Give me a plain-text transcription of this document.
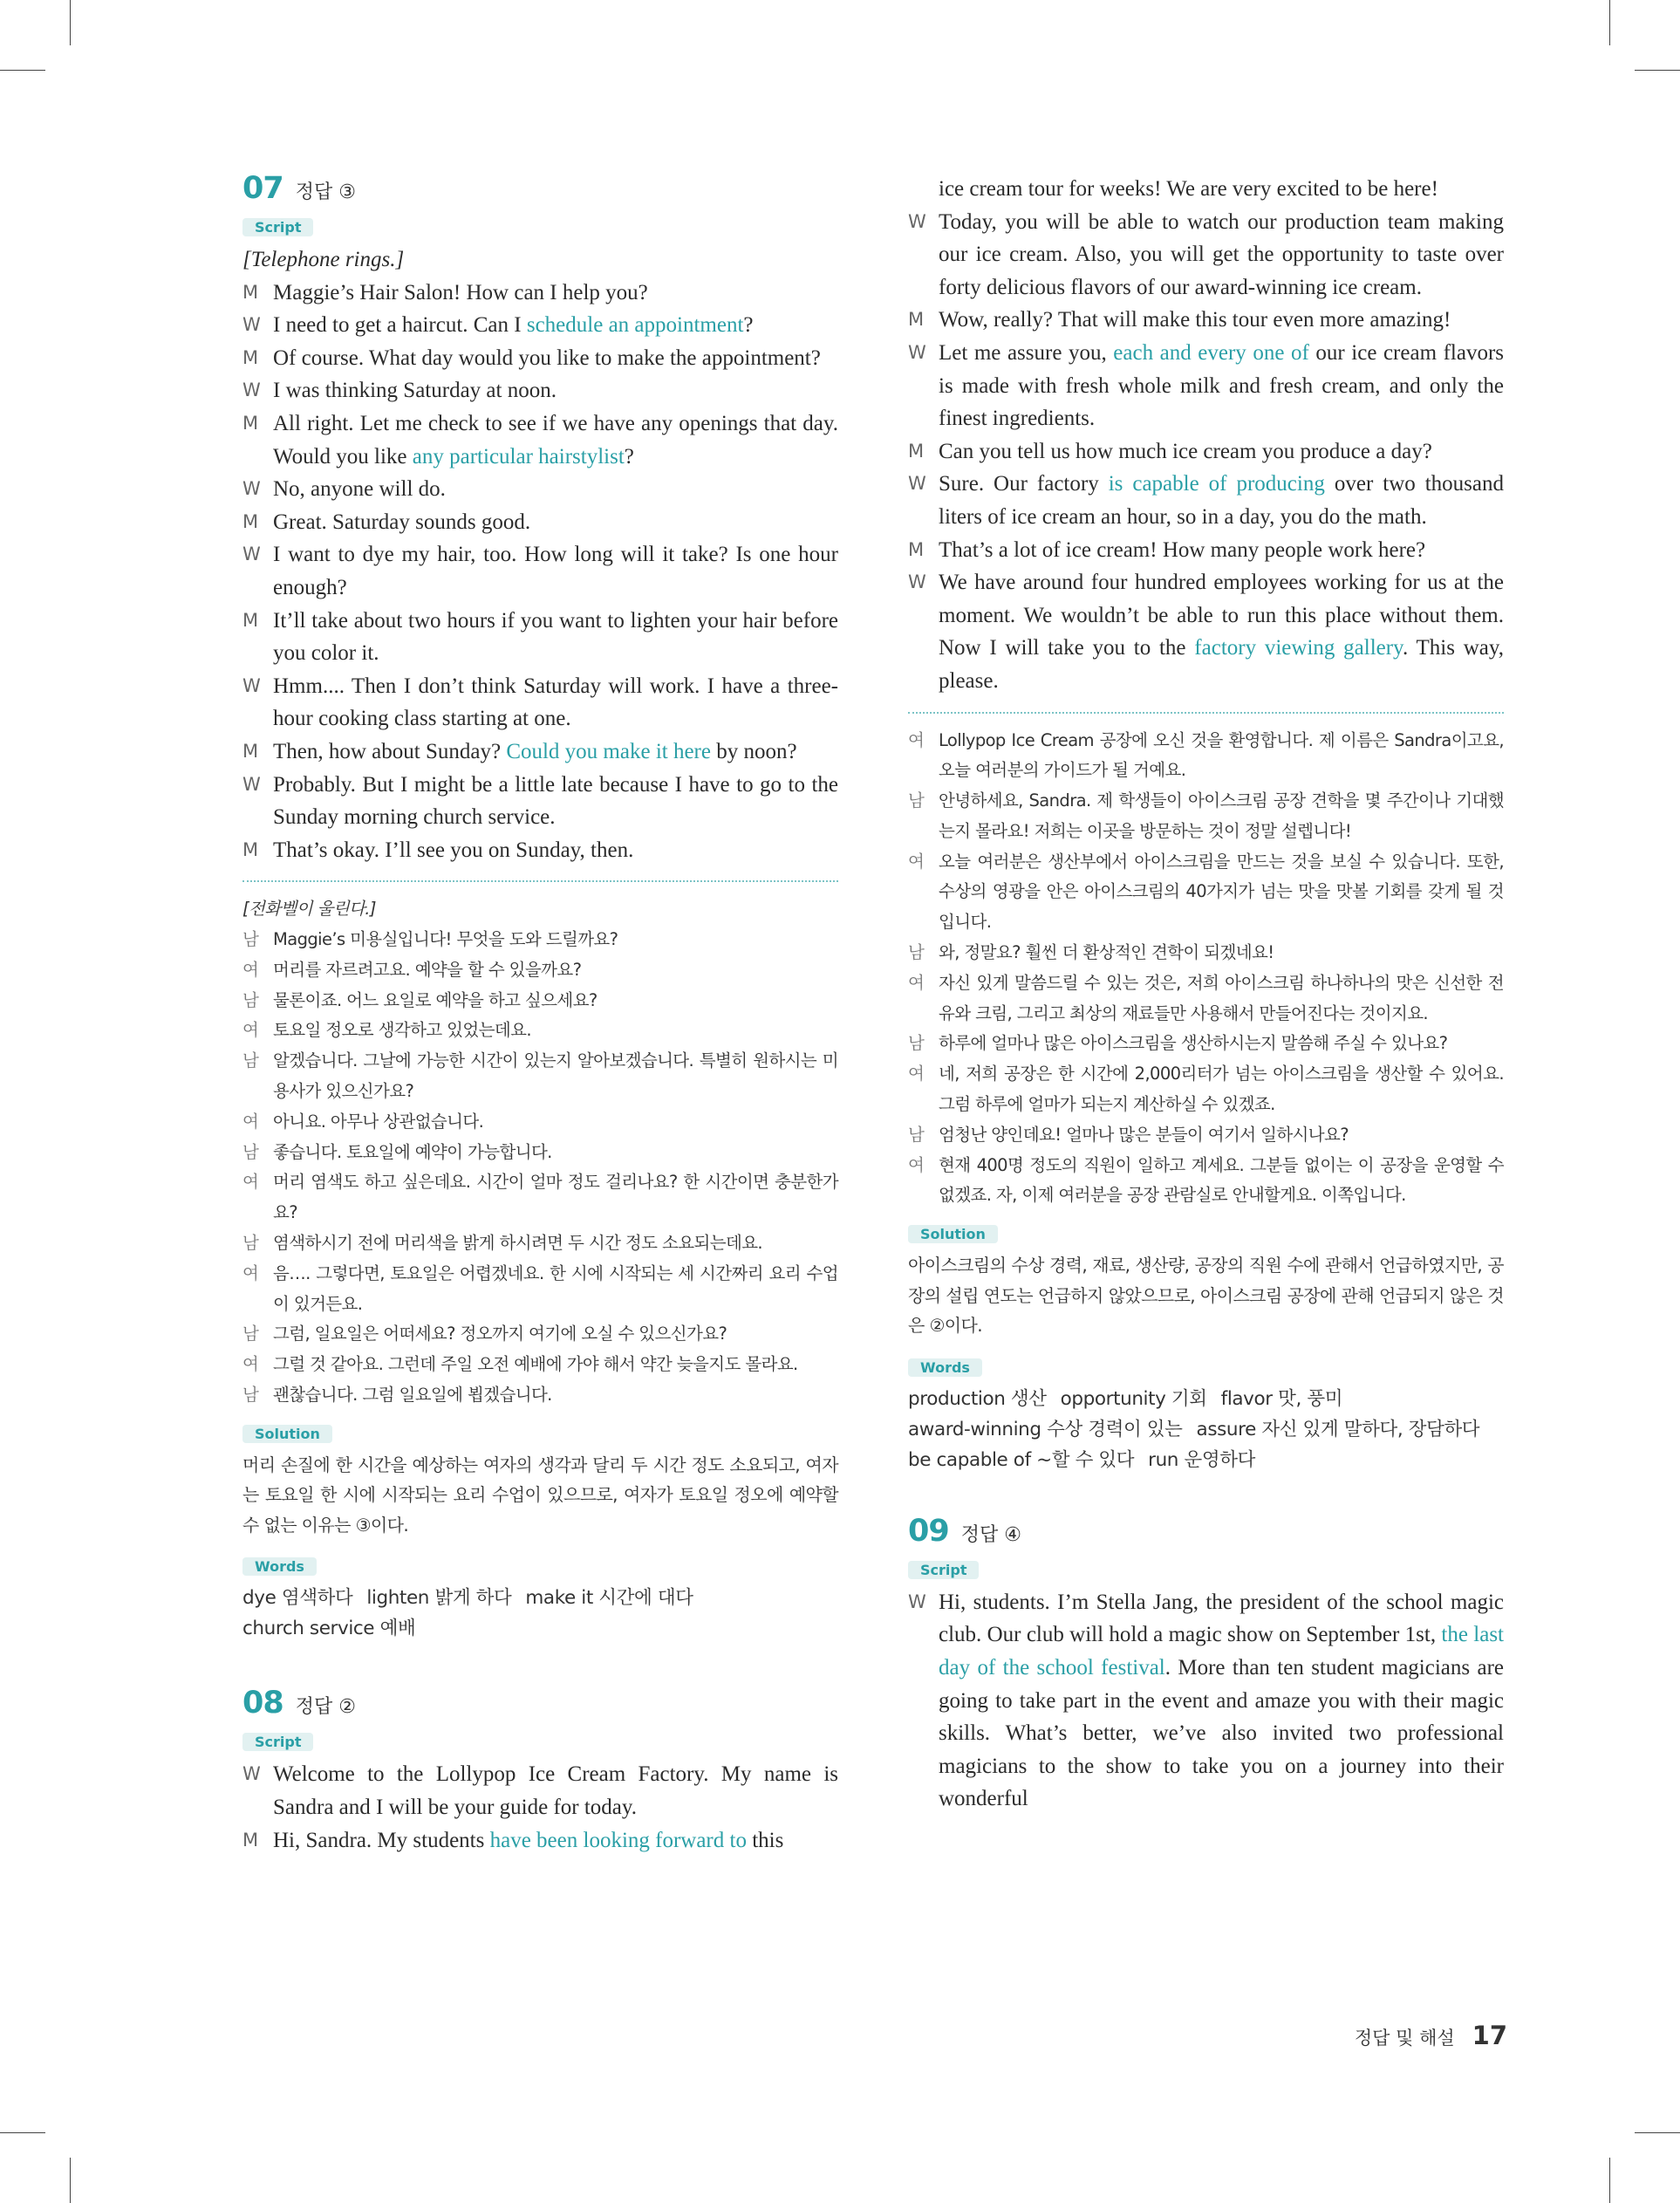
07 정답 ③
Script
[Telephone rings.]
M Maggie’s Hair Salon! How can I help you?
W I need to get a haircut. Can I schedule an appointment?
M Of course. What day would you like to make the appointment?
W I was thinking Saturday at noon.
M All right. Let me check to see if we have any openings that day. Would you like any particular hairstylist?
W No, anyone will do.
M Great. Saturday sounds good.
W I want to dye my hair, too. How long will it take? Is one hour enough?
M It’ll take about two hours if you want to lighten your hair before you color it.
W Hmm.... Then I don’t think Saturday will work. I have a three-hour cooking class starting at one.
M Then, how about Sunday? Could you make it here by noon?
W Probably. But I might be a little late because I have to go to the Sunday morning church service.
M That’s okay. I’ll see you on Sunday, then.
[전화벨이 울린다.]
남 Maggie’s 미용실입니다! 무엇을 도와 드릴까요?
여 머리를 자르려고요. 예약을 할 수 있을까요?
남 물론이죠. 어느 요일로 예약을 하고 싶으세요?
여 토요일 정오로 생각하고 있었는데요.
남 알겠습니다. 그날에 가능한 시간이 있는지 알아보겠습니다. 특별히 원하시는 미용사가 있으신가요?
여 아니요. 아무나 상관없습니다.
남 좋습니다. 토요일에 예약이 가능합니다.
여 머리 염색도 하고 싶은데요. 시간이 얼마 정도 걸리나요? 한 시간이면 충분한가요?
남 염색하시기 전에 머리색을 밝게 하시려면 두 시간 정도 소요되는데요.
여 음…. 그렇다면, 토요일은 어렵겠네요. 한 시에 시작되는 세 시간짜리 요리 수업이 있거든요.
남 그럼, 일요일은 어떠세요? 정오까지 여기에 오실 수 있으신가요?
여 그럴 것 같아요. 그런데 주일 오전 예배에 가야 해서 약간 늦을지도 몰라요.
남 괜찮습니다. 그럼 일요일에 뵙겠습니다.
Solution
머리 손질에 한 시간을 예상하는 여자의 생각과 달리 두 시간 정도 소요되고, 여자는 토요일 한 시에 시작되는 요리 수업이 있으므로, 여자가 토요일 정오에 예약할 수 없는 이유는 ③이다.
Words
dye 염색하다 lighten 밝게 하다 make it 시간에 대다
church service 예배
08 정답 ②
Script
W Welcome to the Lollypop Ice Cream Factory. My name is Sandra and I will be your guide for today.
M Hi, Sandra. My students have been looking forward to this
ice cream tour for weeks! We are very excited to be here!
W Today, you will be able to watch our production team making our ice cream. Also, you will get the opportunity to taste over forty delicious flavors of our award-winning ice cream.
M Wow, really? That will make this tour even more amazing!
W Let me assure you, each and every one of our ice cream flavors is made with fresh whole milk and fresh cream, and only the finest ingredients.
M Can you tell us how much ice cream you produce a day?
W Sure. Our factory is capable of producing over two thousand liters of ice cream an hour, so in a day, you do the math.
M That’s a lot of ice cream! How many people work here?
W We have around four hundred employees working for us at the moment. We wouldn’t be able to run this place without them. Now I will take you to the factory viewing gallery. This way, please.
여 Lollypop Ice Cream 공장에 오신 것을 환영합니다. 제 이름은 Sandra이고요, 오늘 여러분의 가이드가 될 거예요.
남 안녕하세요, Sandra. 제 학생들이 아이스크림 공장 견학을 몇 주간이나 기대했는지 몰라요! 저희는 이곳을 방문하는 것이 정말 설렙니다!
여 오늘 여러분은 생산부에서 아이스크림을 만드는 것을 보실 수 있습니다. 또한, 수상의 영광을 안은 아이스크림의 40가지가 넘는 맛을 맛볼 기회를 갖게 될 것입니다.
남 와, 정말요? 훨씬 더 환상적인 견학이 되겠네요!
여 자신 있게 말씀드릴 수 있는 것은, 저희 아이스크림 하나하나의 맛은 신선한 전유와 크림, 그리고 최상의 재료들만 사용해서 만들어진다는 것이지요.
남 하루에 얼마나 많은 아이스크림을 생산하시는지 말씀해 주실 수 있나요?
여 네, 저희 공장은 한 시간에 2,000리터가 넘는 아이스크림을 생산할 수 있어요. 그럼 하루에 얼마가 되는지 계산하실 수 있겠죠.
남 엄청난 양인데요! 얼마나 많은 분들이 여기서 일하시나요?
여 현재 400명 정도의 직원이 일하고 계세요. 그분들 없이는 이 공장을 운영할 수 없겠죠. 자, 이제 여러분을 공장 관람실로 안내할게요. 이쪽입니다.
Solution
아이스크림의 수상 경력, 재료, 생산량, 공장의 직원 수에 관해서 언급하였지만, 공장의 설립 연도는 언급하지 않았으므로, 아이스크림 공장에 관해 언급되지 않은 것은 ②이다.
Words
production 생산 opportunity 기회 flavor 맛, 풍미
award-winning 수상 경력이 있는 assure 자신 있게 말하다, 장담하다
be capable of ~할 수 있다 run 운영하다
09 정답 ④
Script
W Hi, students. I’m Stella Jang, the president of the school magic club. Our club will hold a magic show on September 1st, the last day of the school festival. More than ten student magicians are going to take part in the event and amaze you with their magic skills. What’s better, we’ve also invited two professional magicians to the show to take you on a journey into their wonderful
정답 및 해설 17
